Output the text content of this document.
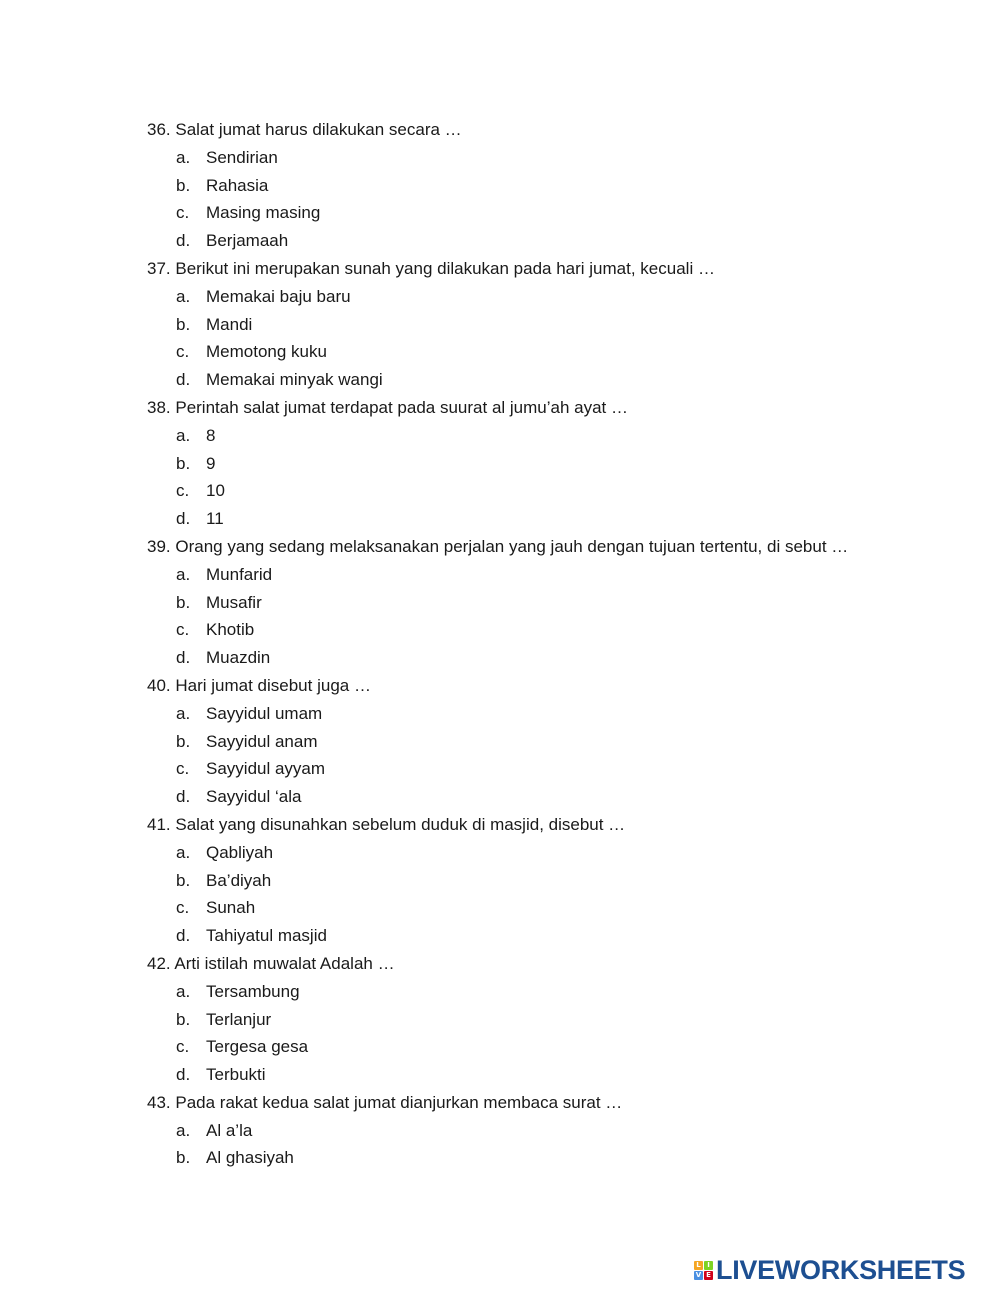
36. Salat jumat harus dilakukan secara …
a. Sendirian
b. Rahasia
c. Masing masing
d. Berjamaah
37. Berikut ini merupakan sunah yang dilakukan pada hari jumat, kecuali …
a. Memakai baju baru
b. Mandi
c. Memotong kuku
d. Memakai minyak wangi
38. Perintah salat jumat terdapat pada suurat al jumu’ah ayat …
a. 8
b. 9
c. 10
d. 11
39. Orang yang sedang melaksanakan perjalan yang jauh dengan tujuan tertentu, di sebut …
a. Munfarid
b. Musafir
c. Khotib
d. Muazdin
40. Hari jumat disebut juga …
a. Sayyidul umam
b. Sayyidul anam
c. Sayyidul ayyam
d. Sayyidul ‘ala
41. Salat yang disunahkan sebelum duduk di masjid, disebut …
a. Qabliyah
b. Ba’diyah
c. Sunah
d. Tahiyatul masjid
42. Arti istilah muwalat Adalah …
a. Tersambung
b. Terlanjur
c. Tergesa gesa
d. Terbukti
43. Pada rakat kedua salat jumat dianjurkan membaca surat …
a. Al a’la
b. Al ghasiyah
L I
V E LIVEWORKSHEETS
